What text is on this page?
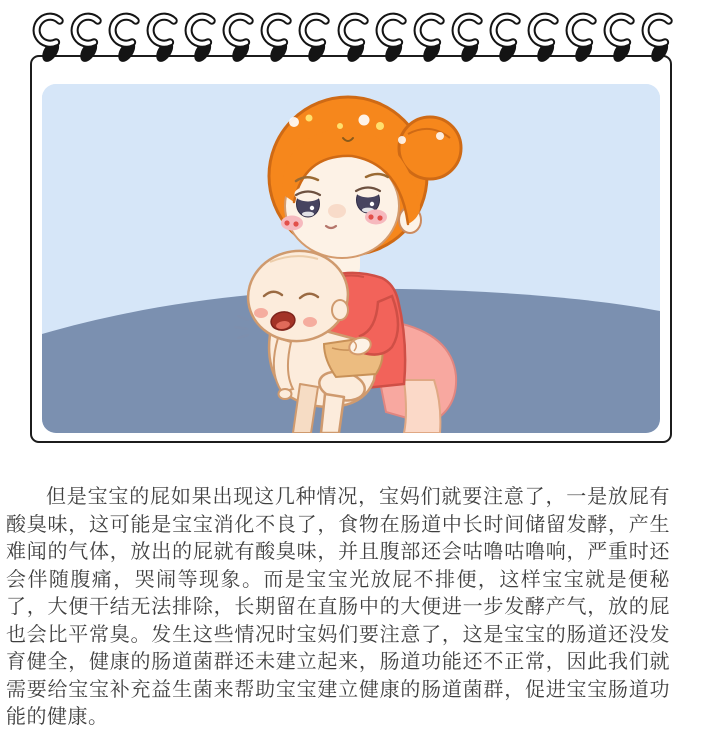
但是宝宝的屁如果出现这几种情况，宝妈们就要注意了，一是放屁有酸臭味，这可能是宝宝消化不良了，食物在肠道中长时间储留发酵，产生难闻的气体，放出的屁就有酸臭味，并且腹部还会咕噜咕噜响，严重时还会伴随腹痛，哭闹等现象。而是宝宝光放屁不排便，这样宝宝就是便秘了，大便干结无法排除，长期留在直肠中的大便进一步发酵产气，放的屁也会比平常臭。发生这些情况时宝妈们要注意了，这是宝宝的肠道还没发育健全，健康的肠道菌群还未建立起来，肠道功能还不正常，因此我们就需要给宝宝补充益生菌来帮助宝宝建立健康的肠道菌群，促进宝宝肠道功能的健康。
